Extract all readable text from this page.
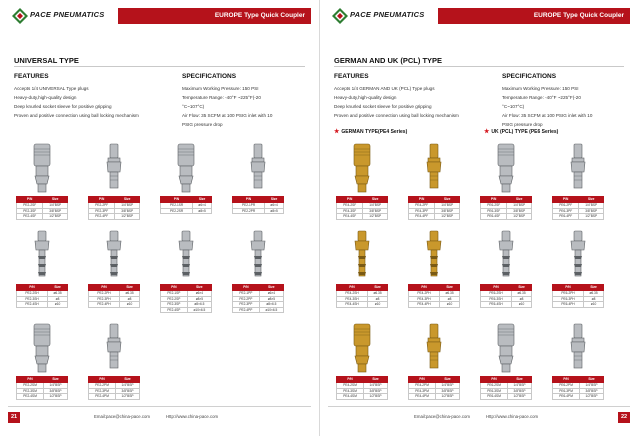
PACE PNEUMATICS	EUROPE Type Quick Coupler
UNIVERSAL TYPE
FEATURES
Accepts 1/4 UNIVERSAL Type plugs
Heavy-duty,high-quality design
Deep knurled socket sleeve for positive gripping
Proven and positive connection using ball locking mechanism
SPECIFICATIONS
Maximum Working Pressure: 150 PSI
Temperature Range: -40°F ~225°F(-20
°C~107°C)
Air Flow: 35 SCFM at 100 PSIG inlet with 10
PSIG pressure drop
P/N	Size
PE2-2SF	1/4"BSP
PE2-3SF	3/8"BSP
PE2-4SF	1/2"BSP
P/N	Size
PE2-2PF	1/4"BSP
PE2-3PF	3/8"BSP
PE2-4PF	1/2"BSP
P/N	Size
PE2-1SR	ø6×4
PE2-2SR	ø8×5
P/N	Size
PE2-1PR	ø6×4
PE2-2PR	ø8×5
P/N	Size
PE2-2SH	ø6.35
PE2-3SH	ø8
PE2-4SH	ø10
P/N	Size
PE2-2PH	ø6.35
PE2-3PH	ø8
PE2-4PH	ø10
P/N	Size
PE2-1SP	ø6×4
PE2-2SP	ø8×5
PE2-3SP	ø8×6.5
PE2-4SP	ø10×6.5
P/N	Size
PE2-1PP	ø6×4
PE2-2PP	ø8×5
PE2-3PP	ø8×6.5
PE2-4PP	ø10×6.5
P/N	Size
PE2-2SM	1/4"BSP
PE2-3SM	3/8"BSP
PE2-4SM	1/2"BSP
P/N	Size
PE2-2PM	1/4"BSP
PE2-3PM	3/8"BSP
PE2-4PM	1/2"BSP
21	Email:pace@china-pace.com	Http://www.china-pace.com
PACE PNEUMATICS	EUROPE Type Quick Coupler
GERMAN AND UK (PCL) TYPE
FEATURES
Accepts 1/4 GERMAN AND UK (PCL) Type plugs
Heavy-duty,high-quality design
Deep knurled socket sleeve for positive gripping
Proven and positive connection using ball locking mechanism
SPECIFICATIONS
Maximum Working Pressure: 150 PSI
Temperature Range: -40°F ~225°F(-20
°C~107°C)
Air Flow: 35 SCFM at 100 PSIG inlet with 10
PSIG pressure drop
★ GERMAN TYPE(PE4 Series)	★ UK (PCL) TYPE (PE6 Series)
P/N	Size
PE4-2SF	1/4"BSP
PE4-3SF	3/8"BSP
PE4-4SF	1/2"BSP
P/N	Size
PE4-2PF	1/4"BSP
PE4-3PF	3/8"BSP
PE4-4PF	1/2"BSP
P/N	Size
PE6-2SF	1/4"BSP
PE6-3SF	3/8"BSP
PE6-4SF	1/2"BSP
P/N	Size
PE6-2PF	1/4"BSP
PE6-3PF	3/8"BSP
PE6-4PF	1/2"BSP
P/N	Size
PE4-2SH	ø6.35
PE4-3SH	ø8
PE4-4SH	ø10
P/N	Size
PE4-2PH	ø6.35
PE4-3PH	ø8
PE4-4PH	ø10
P/N	Size
PE6-2SH	ø6.35
PE6-3SH	ø8
PE6-4SH	ø10
P/N	Size
PE6-2PH	ø6.35
PE6-3PH	ø8
PE6-4PH	ø10
P/N	Size
PE4-2SM	1/4"BSP
PE4-3SM	3/8"BSP
PE4-4SM	1/2"BSP
P/N	Size
PE4-2PM	1/4"BSP
PE4-3PM	3/8"BSP
PE4-4PM	1/2"BSP
P/N	Size
PE6-2SM	1/4"BSP
PE6-3SM	3/8"BSP
PE6-4SM	1/2"BSP
P/N	Size
PE6-2PM	1/4"BSP
PE6-3PM	3/8"BSP
PE6-4PM	1/2"BSP
22
Email:pace@china-pace.com	Http://www.china-pace.com
